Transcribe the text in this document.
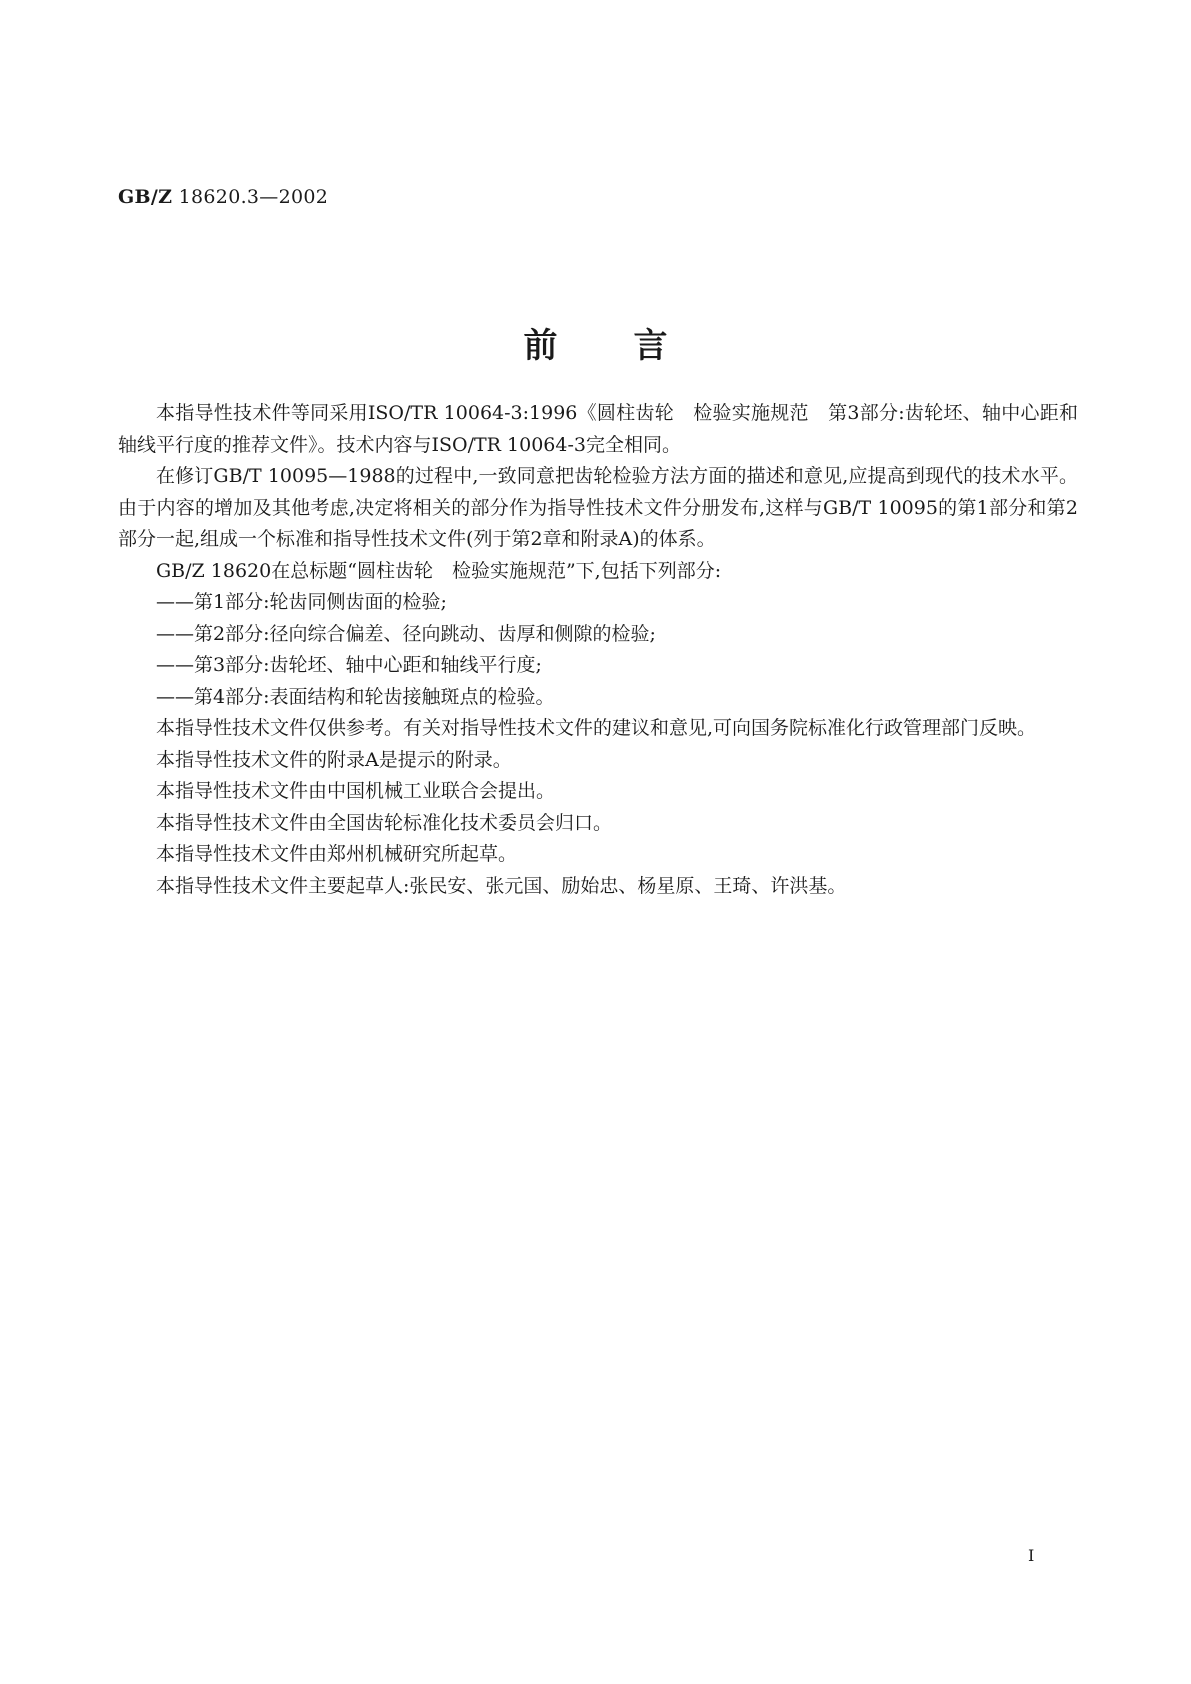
GB/Z 18620.3—2002
前言

本指导性技术件等同采用ISO/TR 10064-3:1996《圆柱齿轮　检验实施规范　第3部分:齿轮坯、轴中心距和轴线平行度的推荐文件》。技术内容与ISO/TR 10064-3完全相同。

在修订GB/T 10095—1988的过程中,一致同意把齿轮检验方法方面的描述和意见,应提高到现代的技术水平。由于内容的增加及其他考虑,决定将相关的部分作为指导性技术文件分册发布,这样与GB/T 10095的第1部分和第2部分一起,组成一个标准和指导性技术文件(列于第2章和附录A)的体系。

GB/Z 18620在总标题“圆柱齿轮　检验实施规范”下,包括下列部分:

——第1部分:轮齿同侧齿面的检验;

——第2部分:径向综合偏差、径向跳动、齿厚和侧隙的检验;

——第3部分:齿轮坯、轴中心距和轴线平行度;

——第4部分:表面结构和轮齿接触斑点的检验。

本指导性技术文件仅供参考。有关对指导性技术文件的建议和意见,可向国务院标准化行政管理部门反映。

本指导性技术文件的附录A是提示的附录。

本指导性技术文件由中国机械工业联合会提出。

本指导性技术文件由全国齿轮标准化技术委员会归口。

本指导性技术文件由郑州机械研究所起草。

本指导性技术文件主要起草人:张民安、张元国、励始忠、杨星原、王琦、许洪基。

I
